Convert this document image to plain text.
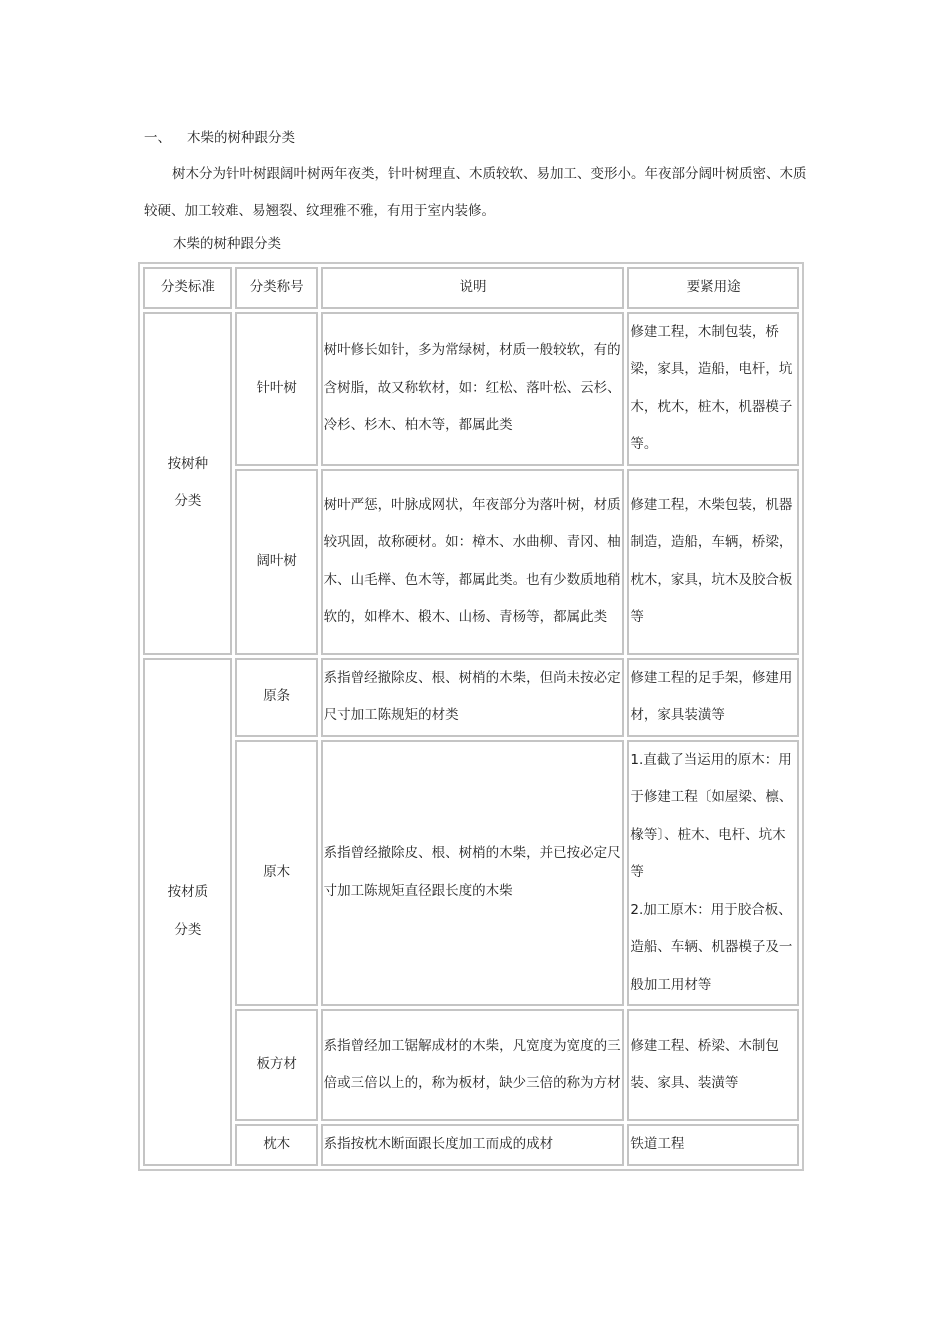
一、 木柴的树种跟分类
树木分为针叶树跟阔叶树两年夜类，针叶树理直、木质较软、易加工、变形小。年夜部分阔叶树质密、木质较硬、加工较难、易翘裂、纹理雅不雅，有用于室内装修。
木柴的树种跟分类
分类标准	分类称号	说明	要紧用途

按树种
分类	针叶树	树叶修长如针，多为常绿树，材质一般较软，有的含树脂，故又称软材，如：红松、落叶松、云杉、冷杉、杉木、柏木等，都属此类	修建工程，木制包装，桥梁，家具，造船，电杆，坑木，枕木，桩木，机器模子等。
	阔叶树	树叶严惩，叶脉成网状，年夜部分为落叶树，材质较巩固，故称硬材。如：樟木、水曲柳、青冈、柚木、山毛榉、色木等，都属此类。也有少数质地稍软的，如桦木、椴木、山杨、青杨等，都属此类	修建工程，木柴包装，机器制造，造船，车辆，桥梁，枕木，家具，坑木及胶合板等

按材质
分类	原条	系指曾经撤除皮、根、树梢的木柴，但尚未按必定尺寸加工陈规矩的材类	修建工程的足手架，修建用材，家具装潢等
	原木	系指曾经撤除皮、根、树梢的木柴，并已按必定尺寸加工陈规矩直径跟长度的木柴	1.直截了当运用的原木：用于修建工程〔如屋梁、檩、椽等〕、桩木、电杆、坑木等
2.加工原木：用于胶合板、造船、车辆、机器模子及一般加工用材等

	板方材	系指曾经加工锯解成材的木柴，凡宽度为宽度的三倍或三倍以上的，称为板材，缺少三倍的称为方材	修建工程、桥梁、木制包装、家具、装潢等
	枕木	系指按枕木断面跟长度加工而成的成材	铁道工程
